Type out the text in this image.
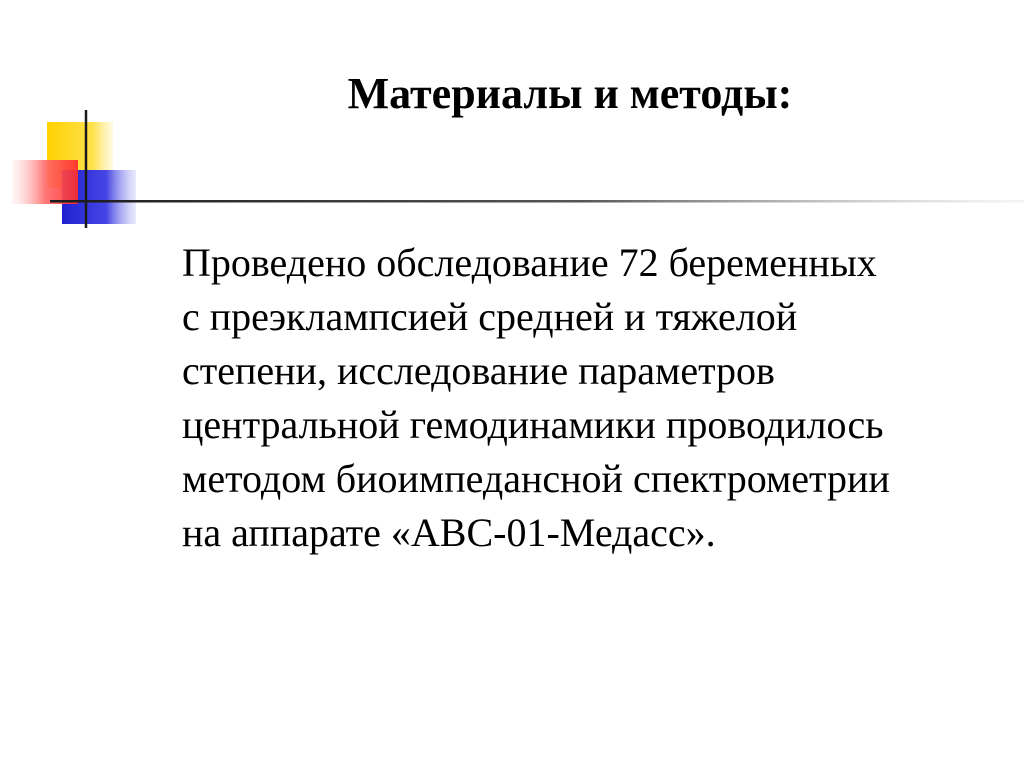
Материалы и методы:
Проведено обследование 72 беременных
с преэклампсией средней и тяжелой
степени, исследование параметров
центральной гемодинамики проводилось
методом биоимпедансной спектрометрии
на аппарате «АВС-01-Медасс».
